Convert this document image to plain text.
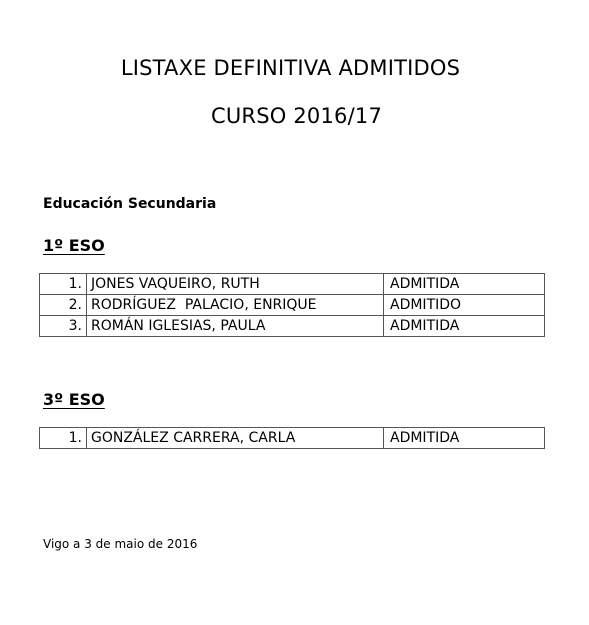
LISTAXE DEFINITIVA ADMITIDOS
CURSO 2016/17
Educación Secundaria
1º ESO
1.	JONES VAQUEIRO, RUTH	ADMITIDA
2.	RODRÍGUEZ  PALACIO, ENRIQUE	ADMITIDO
3.	ROMÁN IGLESIAS, PAULA	ADMITIDA
3º ESO
1.	GONZÁLEZ CARRERA, CARLA	ADMITIDA
Vigo a 3 de maio de 2016
